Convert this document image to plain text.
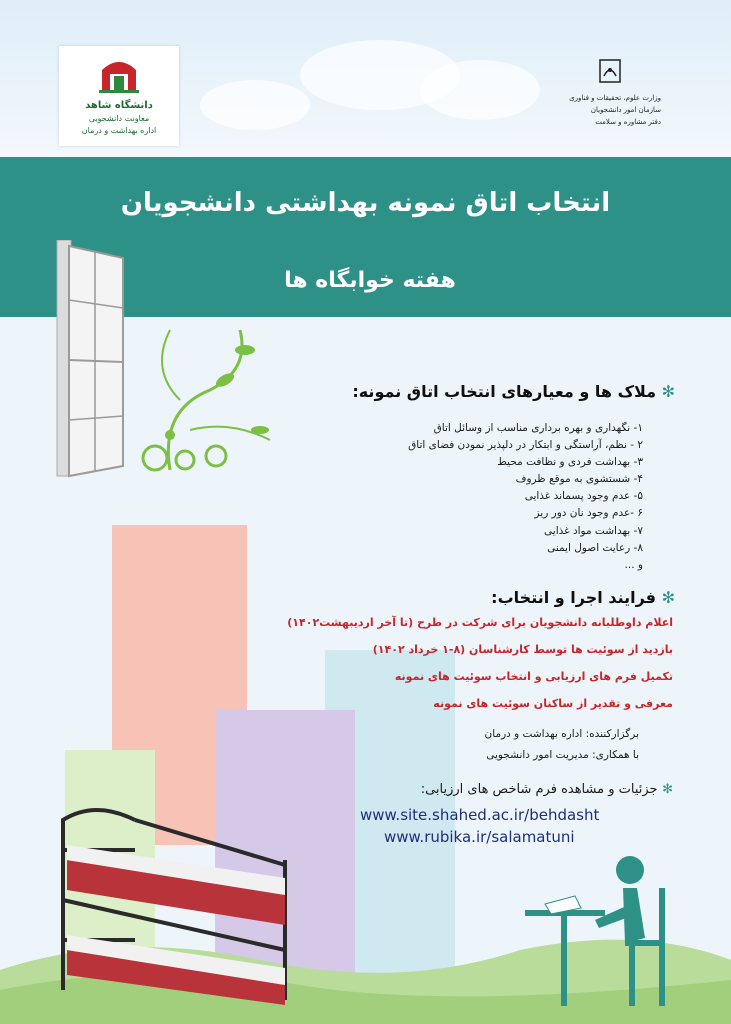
دانشگاه شاهد
معاونت دانشجویی
اداره بهداشت و درمان
وزارت علوم، تحقیقات و فناوری
سازمان امور دانشجویان
دفتر مشاوره و سلامت
انتخاب اتاق نمونه بهداشتی دانشجویان
هفته خوابگاه ها
✻ ملاک ها و معیارهای انتخاب اتاق نمونه:
۱- نگهداری و بهره برداری مناسب از وسائل اتاق
۲ - نظم، آراستگی و ابتکار در دلپذیر نمودن فضای اتاق
۳- بهداشت فردی و نظافت محیط
۴- شستشوی به موقع ظروف
۵- عدم وجود پسماند غذایی
۶ -عدم وجود نان دور ریز
۷- بهداشت مواد غذایی
۸- رعایت اصول ایمنی
و ...
✻ فرایند اجرا و انتخاب:
اعلام داوطلبانه دانشجویان برای شرکت در طرح (تا آخر اردیبهشت۱۴۰۲)
بازدید از سوئیت ها توسط کارشناسان (۸-۱ خرداد ۱۴۰۲)
تکمیل فرم های ارزیابی و انتخاب سوئیت های نمونه
معرفی و تقدیر از ساکنان سوئیت های نمونه
برگزارکننده: اداره بهداشت و درمان
با همکاری: مدیریت امور دانشجویی
✻ جزئیات و مشاهده فرم شاخص های ارزیابی:
www.site.shahed.ac.ir/behdasht
www.rubika.ir/salamatuni
